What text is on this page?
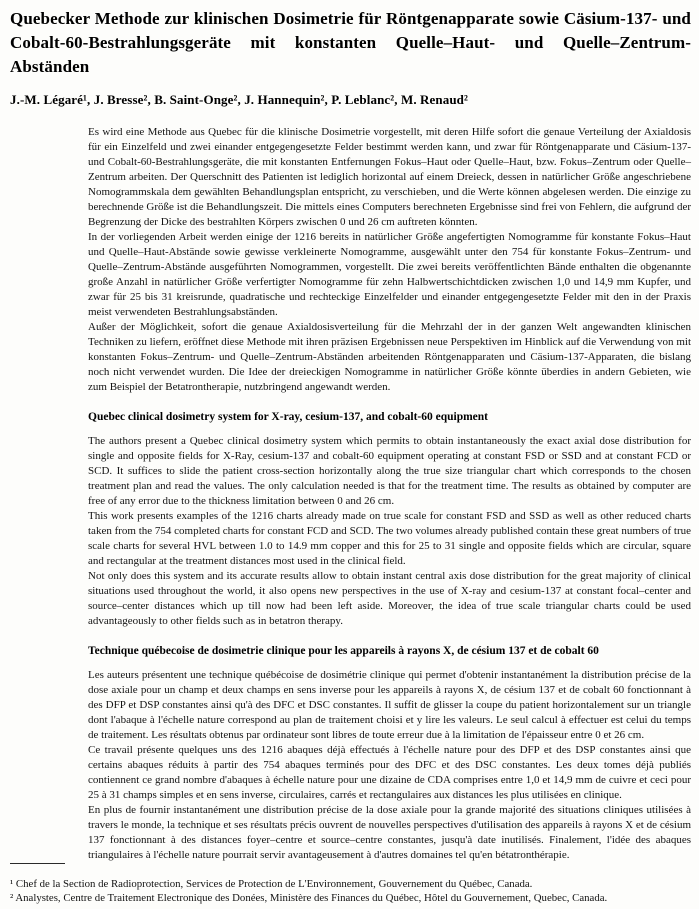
Quebecker Methode zur klinischen Dosimetrie für Röntgenapparate sowie Cäsium-137- und Cobalt-60-Bestrahlungsgeräte mit konstanten Quelle–Haut- und Quelle–Zentrum-Abständen

J.-M. Légaré¹, J. Bresse², B. Saint-Onge², J. Hannequin², P. Leblanc², M. Renaud²

Es wird eine Methode aus Quebec für die klinische Dosimetrie vorgestellt, mit deren Hilfe sofort die genaue Verteilung der Axialdosis für ein Einzelfeld und zwei einander entgegengesetzte Felder bestimmt werden kann, und zwar für Röntgenapparate und Cäsium-137- und Cobalt-60-Bestrahlungsgeräte, die mit konstanten Entfernungen Fokus–Haut oder Quelle–Haut, bzw. Fokus–Zentrum oder Quelle–Zentrum arbeiten. Der Querschnitt des Patienten ist lediglich horizontal auf einem Dreieck, dessen in natürlicher Größe angeschriebene Nomogrammskala dem gewählten Behandlungsplan entspricht, zu verschieben, und die Werte können abgelesen werden. Die einzige zu berechnende Größe ist die Behandlungszeit. Die mittels eines Computers berechneten Ergebnisse sind frei von Fehlern, die aufgrund der Begrenzung der Dicke des bestrahlten Körpers zwischen 0 und 26 cm auftreten könnten.

In der vorliegenden Arbeit werden einige der 1216 bereits in natürlicher Größe angefertigten Nomogramme für konstante Fokus–Haut und Quelle–Haut-Abstände sowie gewisse verkleinerte Nomogramme, ausgewählt unter den 754 für konstante Fokus–Zentrum- und Quelle–Zentrum-Abstände ausgeführten Nomogrammen, vorgestellt. Die zwei bereits veröffentlichten Bände enthalten die obgenannte große Anzahl in natürlicher Größe verfertigter Nomogramme für zehn Halbwertschichtdicken zwischen 1,0 und 14,9 mm Kupfer, und zwar für 25 bis 31 kreisrunde, quadratische und rechteckige Einzelfelder und einander entgegengesetzte Felder mit den in der Praxis meist verwendeten Bestrahlungsabständen.

Außer der Möglichkeit, sofort die genaue Axialdosisverteilung für die Mehrzahl der in der ganzen Welt angewandten klinischen Techniken zu liefern, eröffnet diese Methode mit ihren präzisen Ergebnissen neue Perspektiven im Hinblick auf die Verwendung von mit konstanten Fokus–Zentrum- und Quelle–Zentrum-Abständen arbeitenden Röntgenapparaten und Cäsium-137-Apparaten, die bislang noch nicht verwendet wurden. Die Idee der dreieckigen Nomogramme in natürlicher Größe könnte überdies in andern Gebieten, wie zum Beispiel der Betatrontherapie, nutzbringend angewandt werden.

Quebec clinical dosimetry system for X-ray, cesium-137, and cobalt-60 equipment

The authors present a Quebec clinical dosimetry system which permits to obtain instantaneously the exact axial dose distribution for single and opposite fields for X-Ray, cesium-137 and cobalt-60 equipment operating at constant FSD or SSD and at constant FCD or SCD. It suffices to slide the patient cross-section horizontally along the true size triangular chart which corresponds to the chosen treatment plan and read the values. The only calculation needed is that for the treatment time. The results as obtained by computer are free of any error due to the thickness limitation between 0 and 26 cm.

This work presents examples of the 1216 charts already made on true scale for constant FSD and SSD as well as other reduced charts taken from the 754 completed charts for constant FCD and SCD. The two volumes already published contain these great numbers of true scale charts for several HVL between 1.0 to 14.9 mm copper and this for 25 to 31 single and opposite fields which are circular, square and rectangular at the treatment distances most used in the clinical field.

Not only does this system and its accurate results allow to obtain instant central axis dose distribution for the great majority of clinical situations used throughout the world, it also opens new perspectives in the use of X-ray and cesium-137 at constant focal–center and source–center distances which up till now had been left aside. Moreover, the idea of true scale triangular charts could be used advantageously to other fields such as in betatron therapy.

Technique québecoise de dosimetrie clinique pour les appareils à rayons X, de césium 137 et de cobalt 60

Les auteurs présentent une technique québécoise de dosimétrie clinique qui permet d'obtenir instantanément la distribution précise de la dose axiale pour un champ et deux champs en sens inverse pour les appareils à rayons X, de césium 137 et de cobalt 60 fonctionnant à des DFP et DSP constantes ainsi qu'à des DFC et DSC constantes. Il suffit de glisser la coupe du patient horizontalement sur un triangle dont l'abaque à l'échelle nature correspond au plan de traitement choisi et y lire les valeurs. Le seul calcul à effectuer est celui du temps de traitement. Les résultats obtenus par ordinateur sont libres de toute erreur due à la limitation de l'épaisseur entre 0 et 26 cm.

Ce travail présente quelques uns des 1216 abaques déjà effectués à l'échelle nature pour des DFP et des DSP constantes ainsi que certains abaques réduits à partir des 754 abaques terminés pour des DFC et des DSC constantes. Les deux tomes déjà publiés contiennent ce grand nombre d'abaques à échelle nature pour une dizaine de CDA comprises entre 1,0 et 14,9 mm de cuivre et ceci pour 25 à 31 champs simples et en sens inverse, circulaires, carrés et rectangulaires aux distances les plus utilisées en clinique.

En plus de fournir instantanément une distribution précise de la dose axiale pour la grande majorité des situations cliniques utilisées à travers le monde, la technique et ses résultats précis ouvrent de nouvelles perspectives d'utilisation des appareils à rayons X et de césium 137 fonctionnant à des distances foyer–centre et source–centre constantes, jusqu'à date inutilisés. Finalement, l'idée des abaques triangulaires à l'échelle nature pourrait servir avantageusement à d'autres domaines tel qu'en bétatronthérapie.

¹ Chef de la Section de Radioprotection, Services de Protection de L'Environnement, Gouvernement du Québec, Canada.

² Analystes, Centre de Traitement Electronique des Donées, Ministère des Finances du Québec, Hôtel du Gouvernement, Quebec, Canada.
